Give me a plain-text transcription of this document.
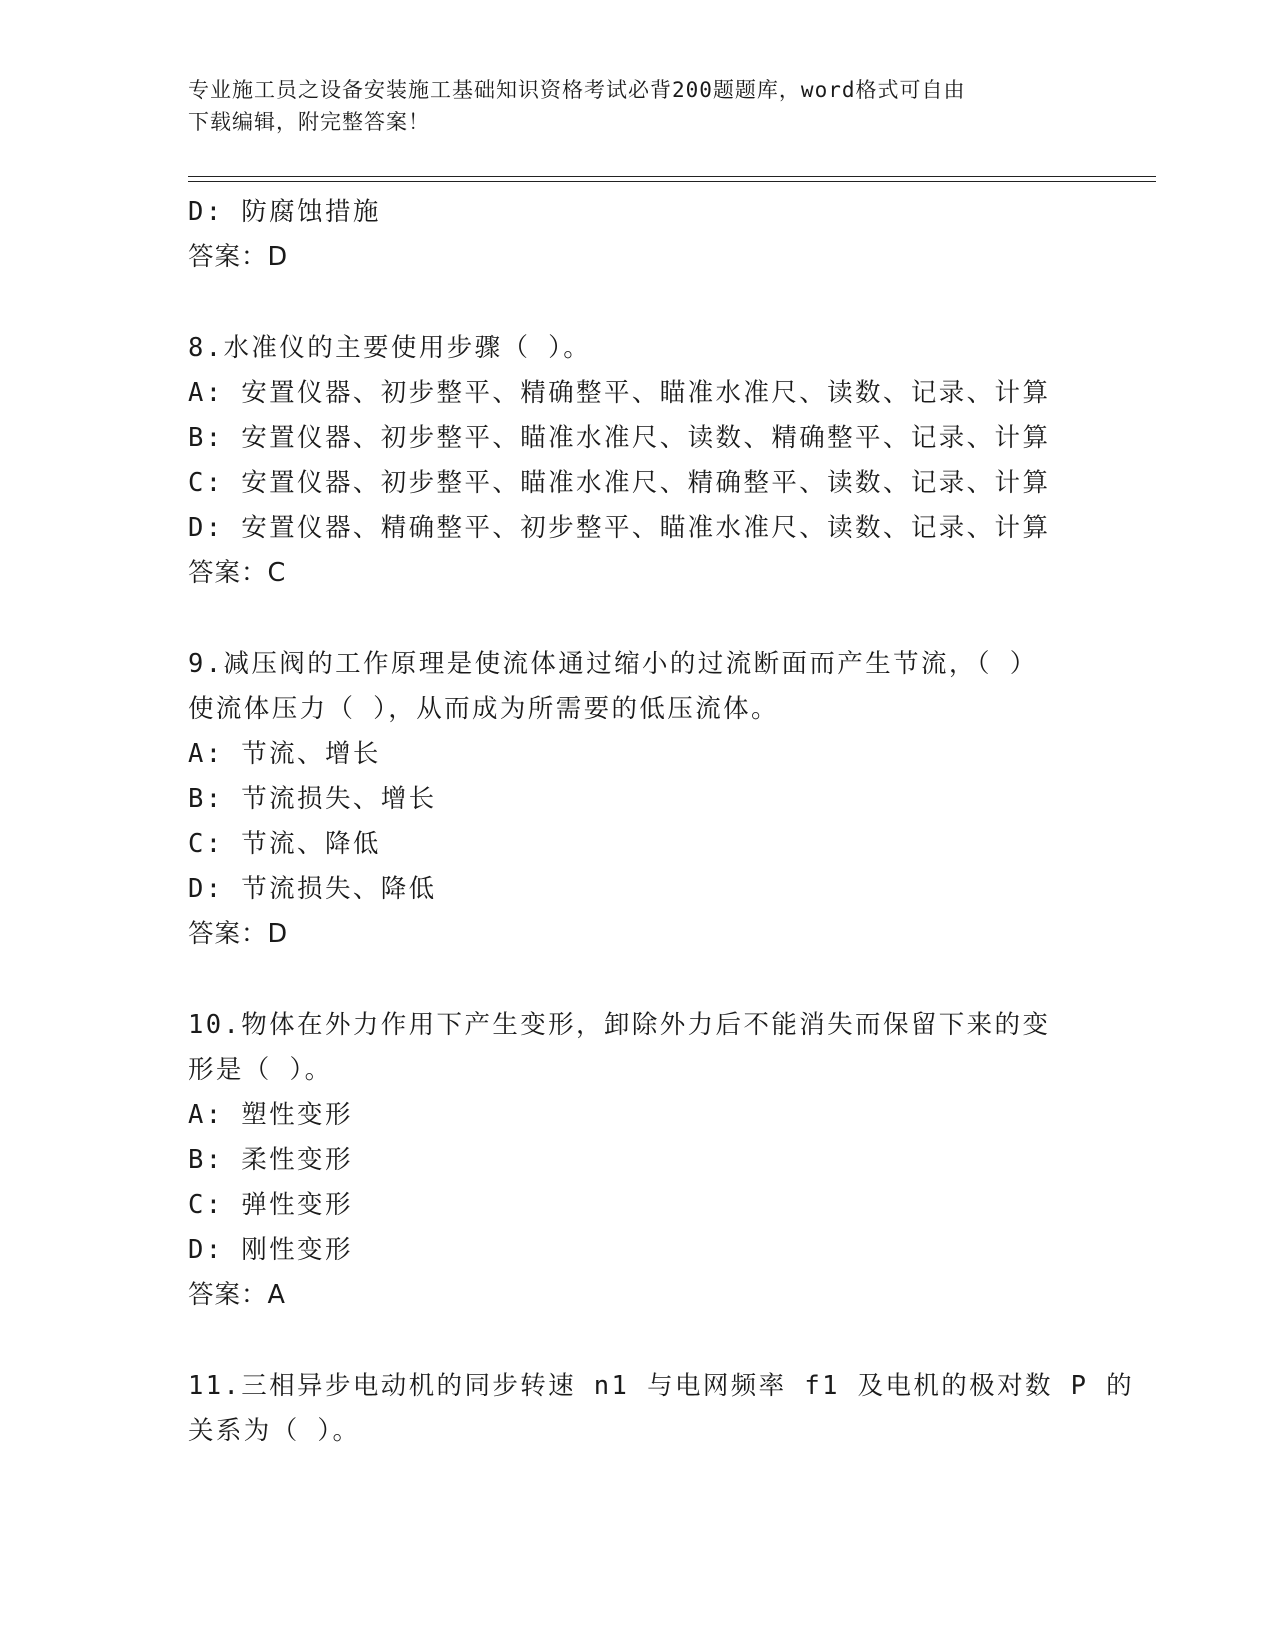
专业施工员之设备安装施工基础知识资格考试必背200题题库，word格式可自由
下载编辑，附完整答案！
D: 防腐蚀措施
答案：D
8.水准仪的主要使用步骤（ ）。
A: 安置仪器、初步整平、精确整平、瞄准水准尺、读数、记录、计算
B: 安置仪器、初步整平、瞄准水准尺、读数、精确整平、记录、计算
C: 安置仪器、初步整平、瞄准水准尺、精确整平、读数、记录、计算
D: 安置仪器、精确整平、初步整平、瞄准水准尺、读数、记录、计算
答案：C
9.减压阀的工作原理是使流体通过缩小的过流断面而产生节流，（ ）
使流体压力（ ），从而成为所需要的低压流体。
A: 节流、增长
B: 节流损失、增长
C: 节流、降低
D: 节流损失、降低
答案：D
10.物体在外力作用下产生变形，卸除外力后不能消失而保留下来的变
形是（ ）。
A: 塑性变形
B: 柔性变形
C: 弹性变形
D: 刚性变形
答案：A
11.三相异步电动机的同步转速 n1 与电网频率 f1 及电机的极对数 P 的
关系为（ ）。
